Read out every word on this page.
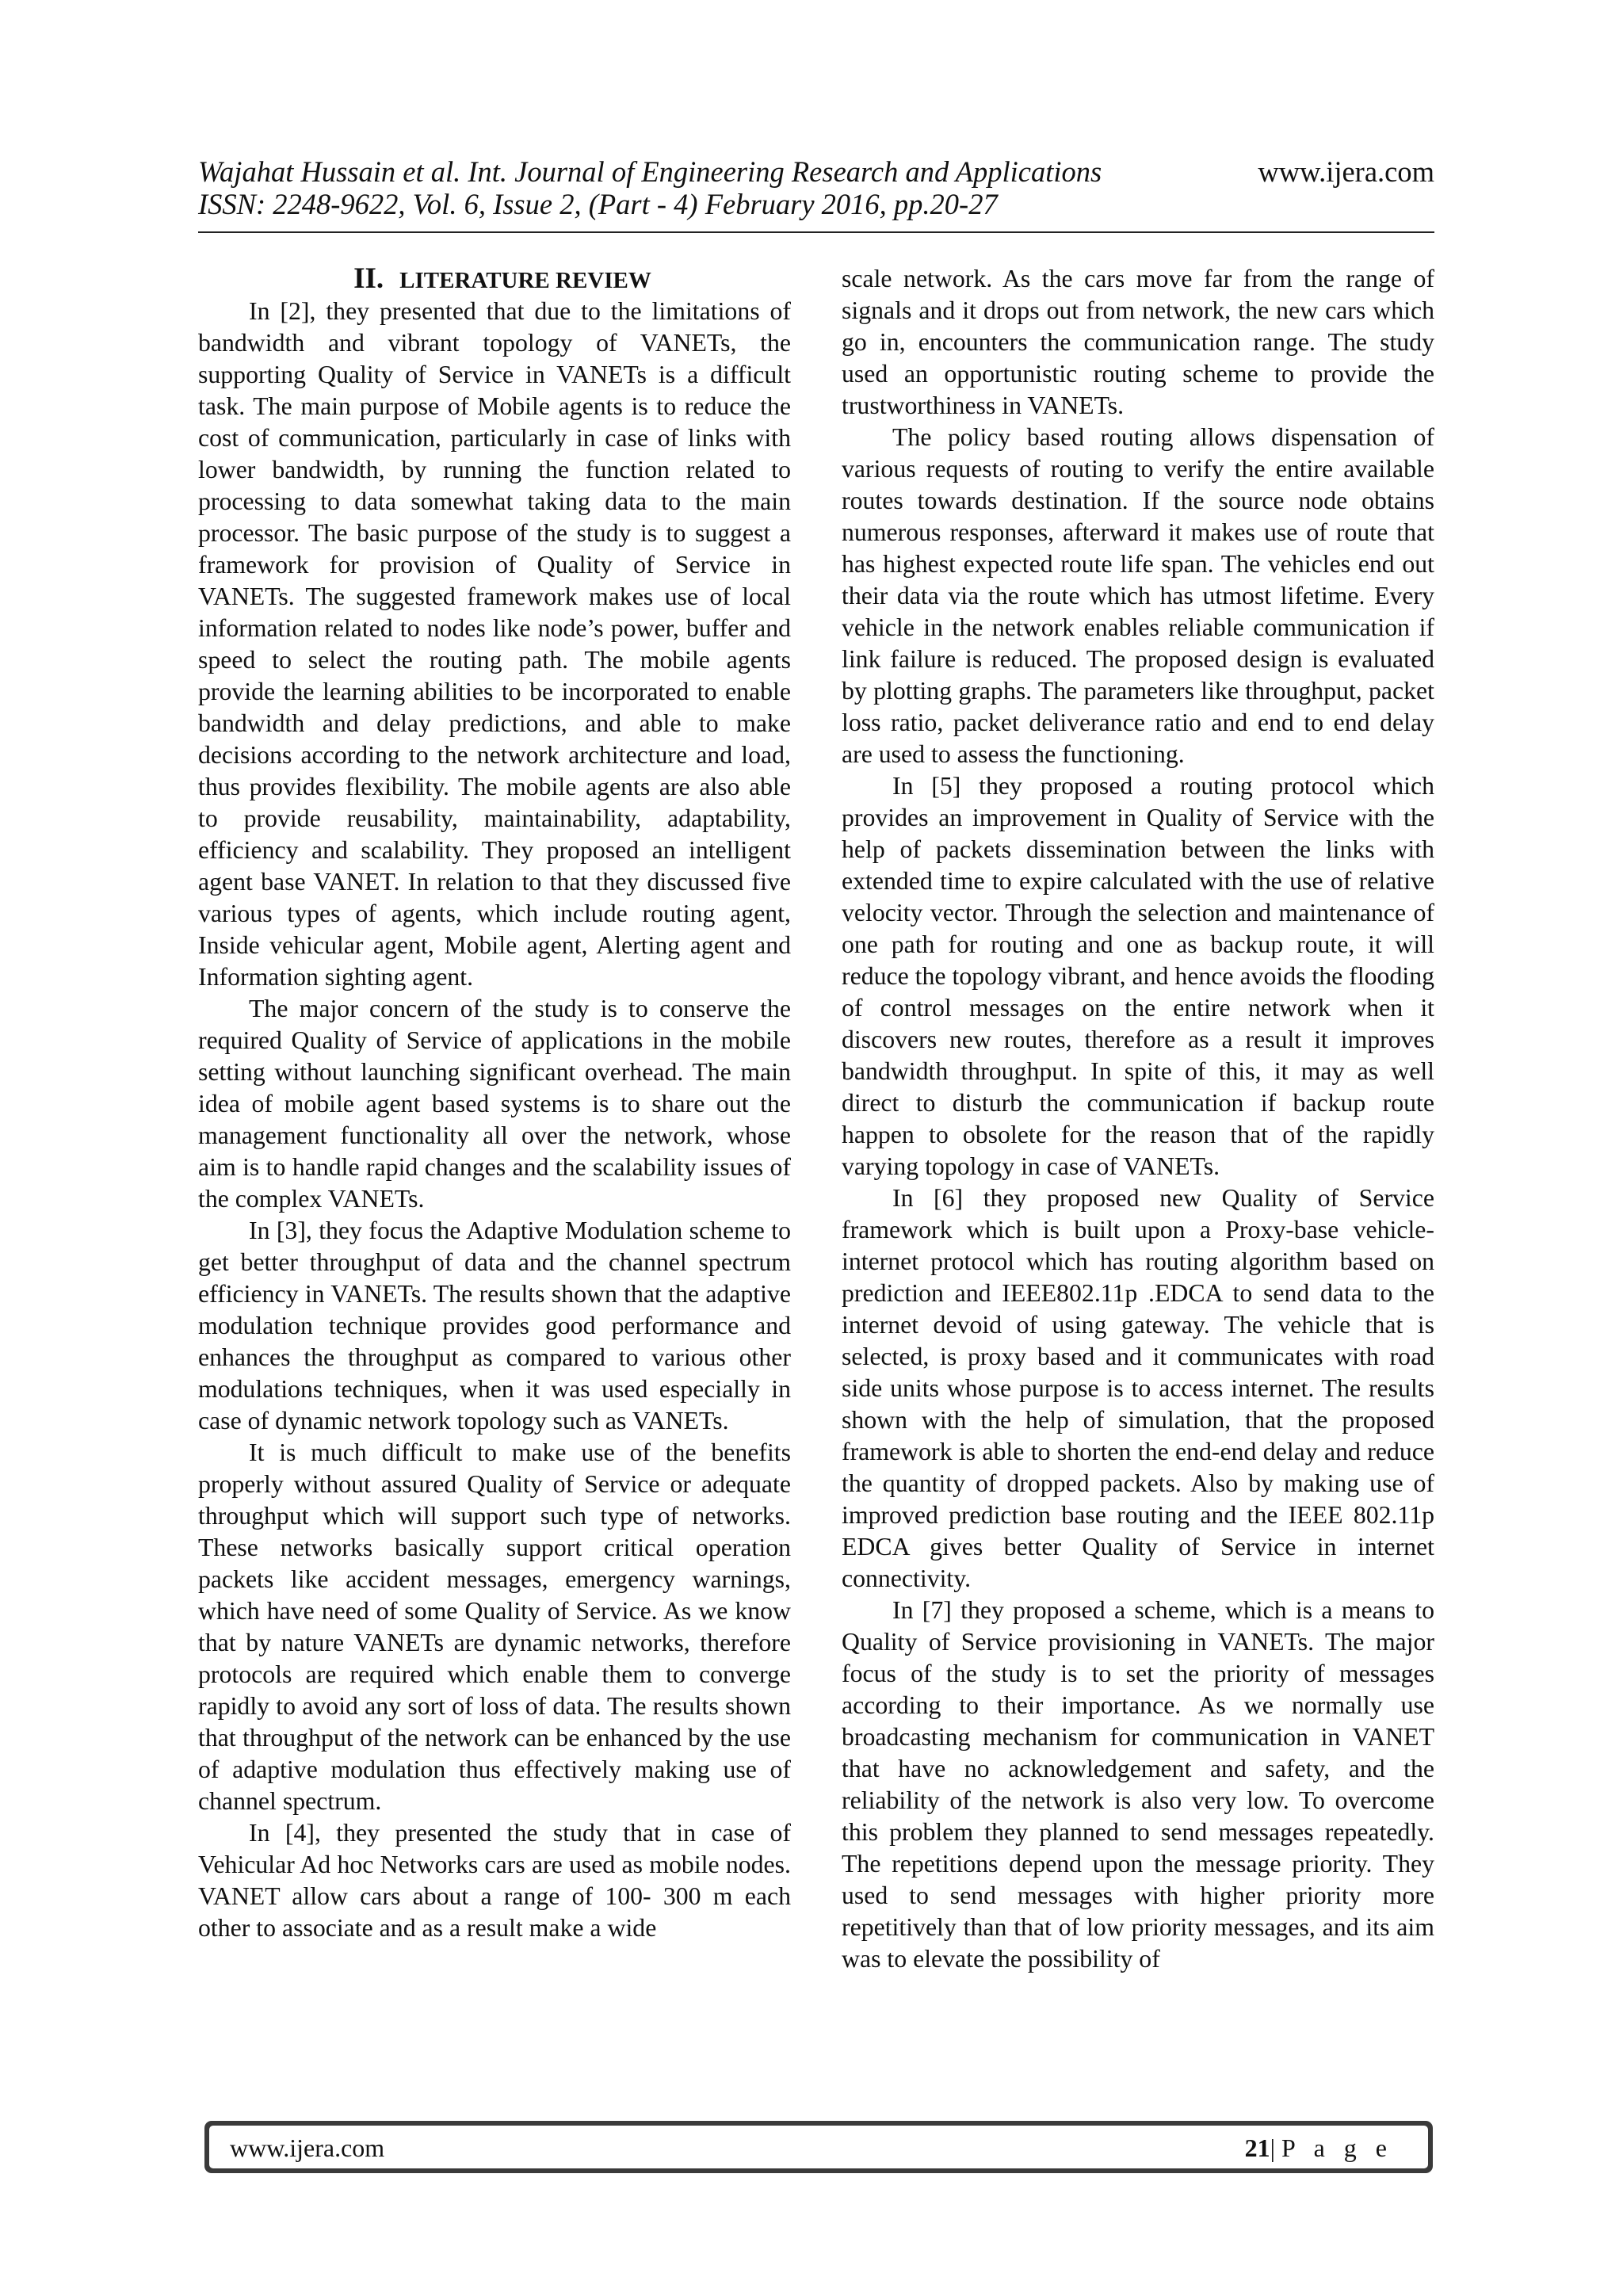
Wajahat Hussain et al. Int. Journal of Engineering Research and Applications
ISSN: 2248-9622, Vol. 6, Issue 2, (Part - 4) February 2016, pp.20-27
www.ijera.com
II. LITERATURE REVIEW

In [2], they presented that due to the limitations of bandwidth and vibrant topology of VANETs, the supporting Quality of Service in VANETs is a difficult task. The main purpose of Mobile agents is to reduce the cost of communication, particularly in case of links with lower bandwidth, by running the function related to processing to data somewhat taking data to the main processor. The basic purpose of the study is to suggest a framework for provision of Quality of Service in VANETs. The suggested framework makes use of local information related to nodes like node’s power, buffer and speed to select the routing path. The mobile agents provide the learning abilities to be incorporated to enable bandwidth and delay predictions, and able to make decisions according to the network architecture and load, thus provides flexibility. The mobile agents are also able to provide reusability, maintainability, adaptability, efficiency and scalability. They proposed an intelligent agent base VANET. In relation to that they discussed five various types of agents, which include routing agent, Inside vehicular agent, Mobile agent, Alerting agent and Information sighting agent.

The major concern of the study is to conserve the required Quality of Service of applications in the mobile setting without launching significant overhead. The main idea of mobile agent based systems is to share out the management functionality all over the network, whose aim is to handle rapid changes and the scalability issues of the complex VANETs.

In [3], they focus the Adaptive Modulation scheme to get better throughput of data and the channel spectrum efficiency in VANETs. The results shown that the adaptive modulation technique provides good performance and enhances the throughput as compared to various other modulations techniques, when it was used especially in case of dynamic network topology such as VANETs.

It is much difficult to make use of the benefits properly without assured Quality of Service or adequate throughput which will support such type of networks. These networks basically support critical operation packets like accident messages, emergency warnings, which have need of some Quality of Service. As we know that by nature VANETs are dynamic networks, therefore protocols are required which enable them to converge rapidly to avoid any sort of loss of data. The results shown that throughput of the network can be enhanced by the use of adaptive modulation thus effectively making use of channel spectrum.

In [4], they presented the study that in case of Vehicular Ad hoc Networks cars are used as mobile nodes. VANET allow cars about a range of 100- 300 m each other to associate and as a result make a wide

scale network. As the cars move far from the range of signals and it drops out from network, the new cars which go in, encounters the communication range. The study used an opportunistic routing scheme to provide the trustworthiness in VANETs.

The policy based routing allows dispensation of various requests of routing to verify the entire available routes towards destination. If the source node obtains numerous responses, afterward it makes use of route that has highest expected route life span. The vehicles end out their data via the route which has utmost lifetime. Every vehicle in the network enables reliable communication if link failure is reduced. The proposed design is evaluated by plotting graphs. The parameters like throughput, packet loss ratio, packet deliverance ratio and end to end delay are used to assess the functioning.

In [5] they proposed a routing protocol which provides an improvement in Quality of Service with the help of packets dissemination between the links with extended time to expire calculated with the use of relative velocity vector. Through the selection and maintenance of one path for routing and one as backup route, it will reduce the topology vibrant, and hence avoids the flooding of control messages on the entire network when it discovers new routes, therefore as a result it improves bandwidth throughput. In spite of this, it may as well direct to disturb the communication if backup route happen to obsolete for the reason that of the rapidly varying topology in case of VANETs.

In [6] they proposed new Quality of Service framework which is built upon a Proxy-base vehicle-internet protocol which has routing algorithm based on prediction and IEEE802.11p .EDCA to send data to the internet devoid of using gateway. The vehicle that is selected, is proxy based and it communicates with road side units whose purpose is to access internet. The results shown with the help of simulation, that the proposed framework is able to shorten the end-end delay and reduce the quantity of dropped packets. Also by making use of improved prediction base routing and the IEEE 802.11p EDCA gives better Quality of Service in internet connectivity.

In [7] they proposed a scheme, which is a means to Quality of Service provisioning in VANETs. The major focus of the study is to set the priority of messages according to their importance. As we normally use broadcasting mechanism for communication in VANET that have no acknowledgement and safety, and the reliability of the network is also very low. To overcome this problem they planned to send messages repeatedly. The repetitions depend upon the message priority. They used to send messages with higher priority more repetitively than that of low priority messages, and its aim was to elevate the possibility of

www.ijera.com	21|P a g e
